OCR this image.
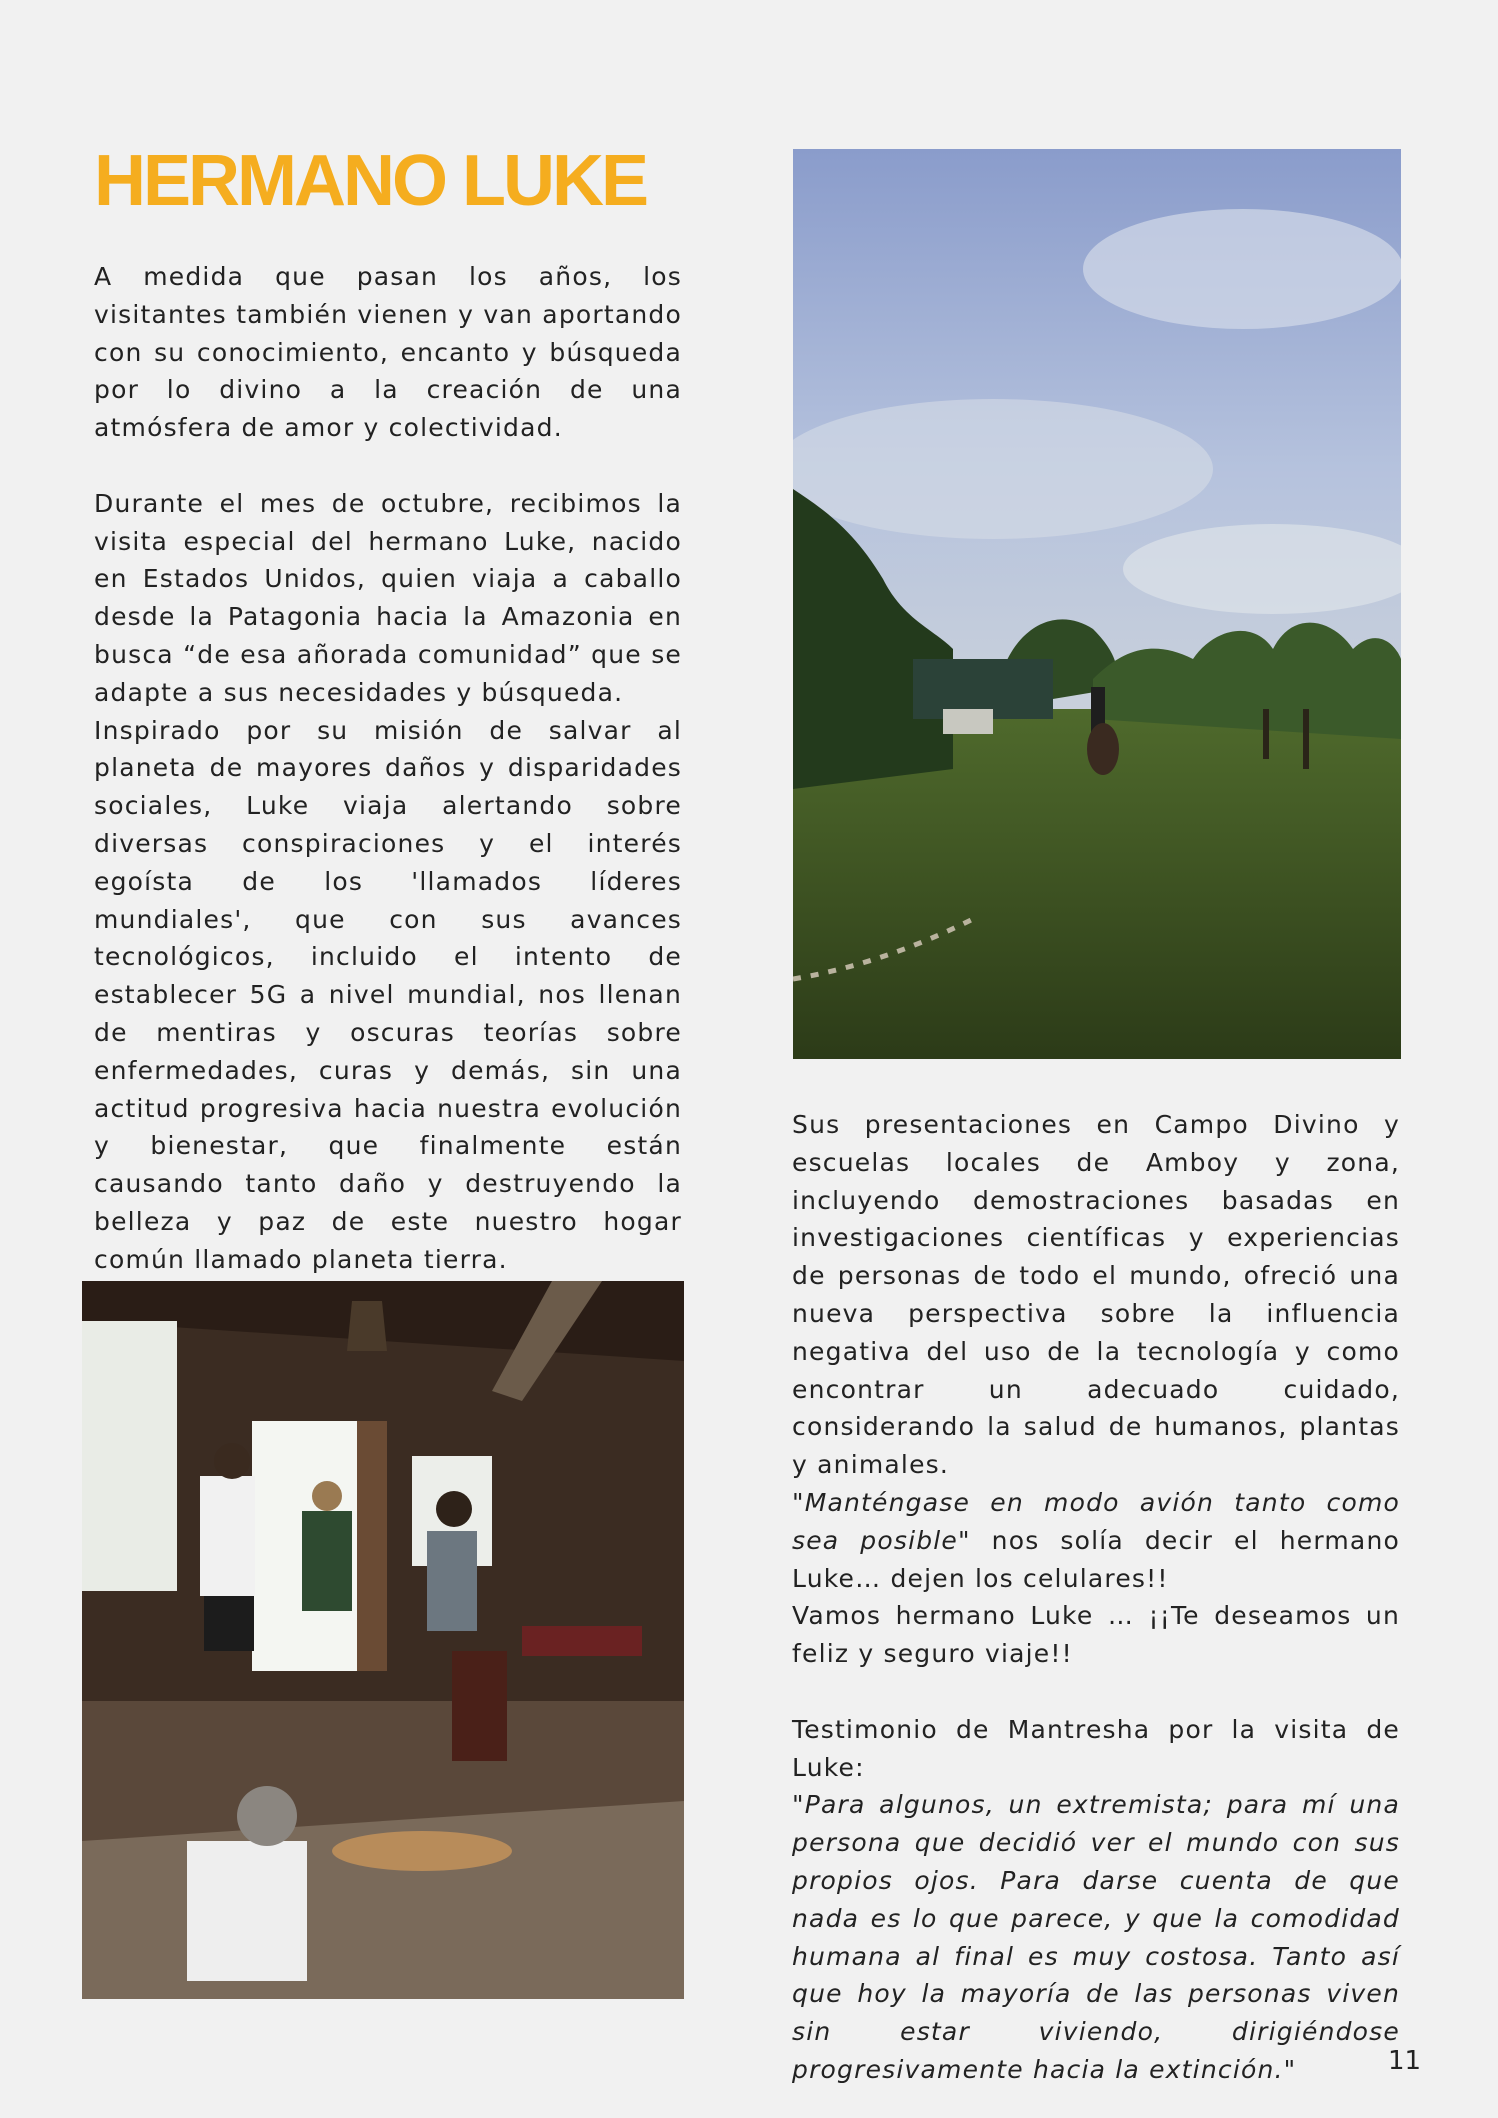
HERMANO LUKE

A medida que pasan los años, los visitantes también vienen y van aportando con su conocimiento, encanto y búsqueda por lo divino a la creación de una atmósfera de amor y colectividad.

Durante el mes de octubre, recibimos la visita especial del hermano Luke, nacido en Estados Unidos, quien viaja a caballo desde la Patagonia hacia la Amazonia en busca “de esa añorada comunidad” que se adapte a sus necesidades y búsqueda.

Inspirado por su misión de salvar al planeta de mayores daños y disparidades sociales, Luke viaja alertando sobre diversas conspiraciones y el interés egoísta de los 'llamados líderes mundiales', que con sus avances tecnológicos, incluido el intento de establecer 5G a nivel mundial, nos llenan de mentiras y oscuras teorías sobre enfermedades, curas y demás, sin una actitud progresiva hacia nuestra evolución y bienestar, que finalmente están causando tanto daño y destruyendo la belleza y paz de este nuestro hogar común llamado planeta tierra.

Sus presentaciones en Campo Divino y escuelas locales de Amboy y zona, incluyendo demostraciones basadas en investigaciones científicas y experiencias de personas de todo el mundo, ofreció una nueva perspectiva sobre la influencia negativa del uso de la tecnología y como encontrar un adecuado cuidado, considerando la salud de humanos, plantas y animales.

"Manténgase en modo avión tanto como sea posible" nos solía decir el hermano Luke… dejen los celulares!!

Vamos hermano Luke … ¡¡Te deseamos un feliz y seguro viaje!!

Testimonio de Mantresha por la visita de Luke:

"Para algunos, un extremista; para mí una persona que decidió ver el mundo con sus propios ojos. Para darse cuenta de que nada es lo que parece, y que la comodidad humana al final es muy costosa. Tanto así que hoy la mayoría de las personas viven sin estar viviendo, dirigiéndose progresivamente hacia la extinción."	11
